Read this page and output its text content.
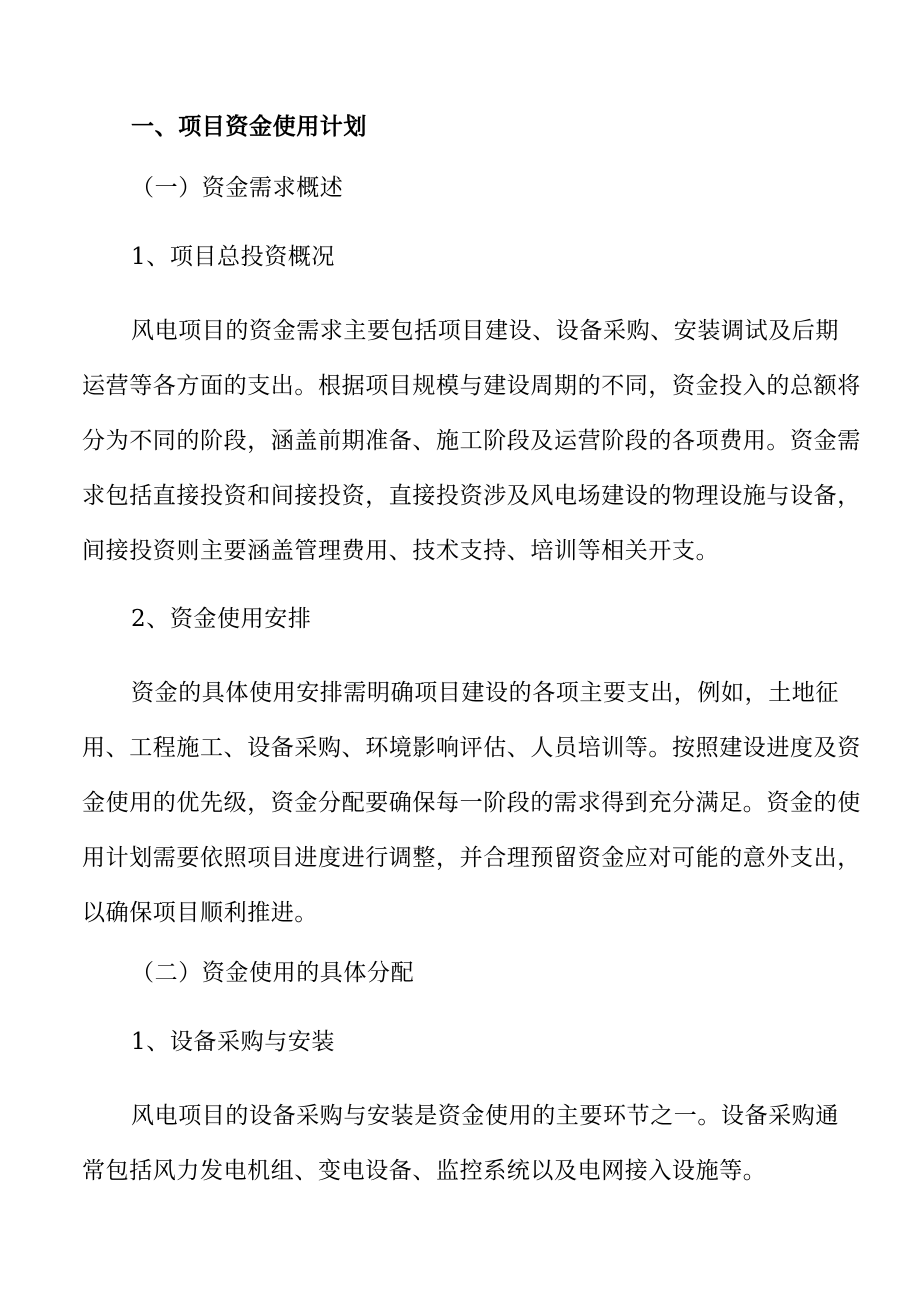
一、项目资金使用计划
（一）资金需求概述
1、项目总投资概况
风电项目的资金需求主要包括项目建设、设备采购、安装调试及后期
运营等各方面的支出。根据项目规模与建设周期的不同，资金投入的总额将
分为不同的阶段，涵盖前期准备、施工阶段及运营阶段的各项费用。资金需
求包括直接投资和间接投资，直接投资涉及风电场建设的物理设施与设备，
间接投资则主要涵盖管理费用、技术支持、培训等相关开支。
2、资金使用安排
资金的具体使用安排需明确项目建设的各项主要支出，例如，土地征
用、工程施工、设备采购、环境影响评估、人员培训等。按照建设进度及资
金使用的优先级，资金分配要确保每一阶段的需求得到充分满足。资金的使
用计划需要依照项目进度进行调整，并合理预留资金应对可能的意外支出，
以确保项目顺利推进。
（二）资金使用的具体分配
1、设备采购与安装
风电项目的设备采购与安装是资金使用的主要环节之一。设备采购通
常包括风力发电机组、变电设备、监控系统以及电网接入设施等。
